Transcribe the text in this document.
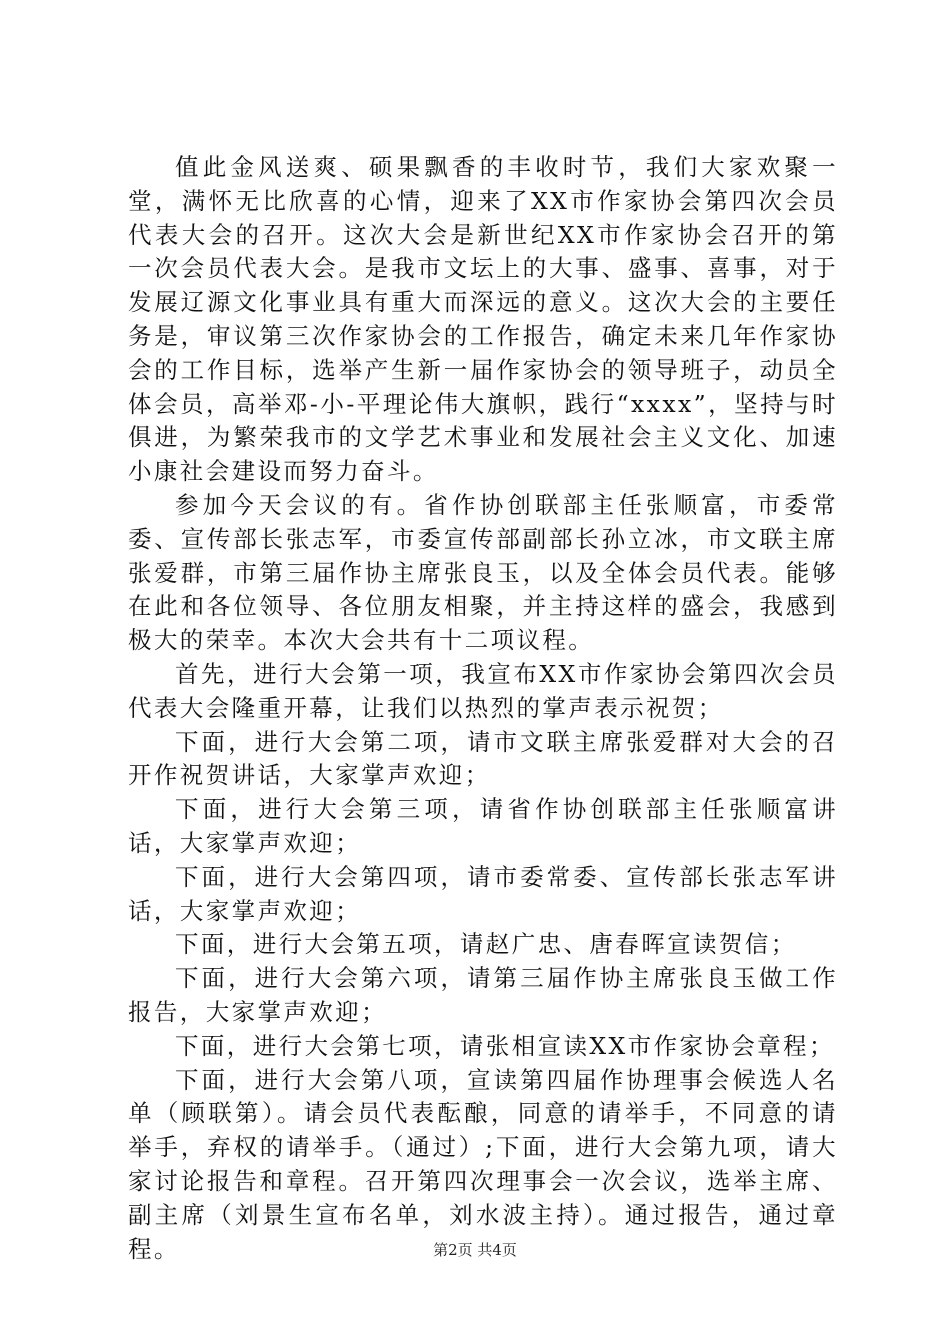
值此金风送爽、硕果飘香的丰收时节，我们大家欢聚一堂，满怀无比欣喜的心情，迎来了XX市作家协会第四次会员代表大会的召开。这次大会是新世纪XX市作家协会召开的第一次会员代表大会。是我市文坛上的大事、盛事、喜事，对于发展辽源文化事业具有重大而深远的意义。这次大会的主要任务是，审议第三次作家协会的工作报告，确定未来几年作家协会的工作目标，选举产生新一届作家协会的领导班子，动员全体会员，高举邓-小-平理论伟大旗帜，践行“xxxx”，坚持与时俱进，为繁荣我市的文学艺术事业和发展社会主义文化、加速小康社会建设而努力奋斗。

参加今天会议的有。省作协创联部主任张顺富，市委常委、宣传部长张志军，市委宣传部副部长孙立冰，市文联主席张爱群，市第三届作协主席张良玉，以及全体会员代表。能够在此和各位领导、各位朋友相聚，并主持这样的盛会，我感到极大的荣幸。本次大会共有十二项议程。

首先，进行大会第一项，我宣布XX市作家协会第四次会员代表大会隆重开幕，让我们以热烈的掌声表示祝贺；

下面，进行大会第二项，请市文联主席张爱群对大会的召开作祝贺讲话，大家掌声欢迎；

下面，进行大会第三项，请省作协创联部主任张顺富讲话，大家掌声欢迎；

下面，进行大会第四项，请市委常委、宣传部长张志军讲话，大家掌声欢迎；

下面，进行大会第五项，请赵广忠、唐春晖宣读贺信；

下面，进行大会第六项，请第三届作协主席张良玉做工作报告，大家掌声欢迎；

下面，进行大会第七项，请张相宣读XX市作家协会章程；

下面，进行大会第八项，宣读第四届作协理事会候选人名单（顾联第）。请会员代表酝酿，同意的请举手，不同意的请举手，弃权的请举手。（通过）;下面，进行大会第九项，请大家讨论报告和章程。召开第四次理事会一次会议，选举主席、副主席（刘景生宣布名单，刘水波主持）。通过报告，通过章程。	第2页 共4页
